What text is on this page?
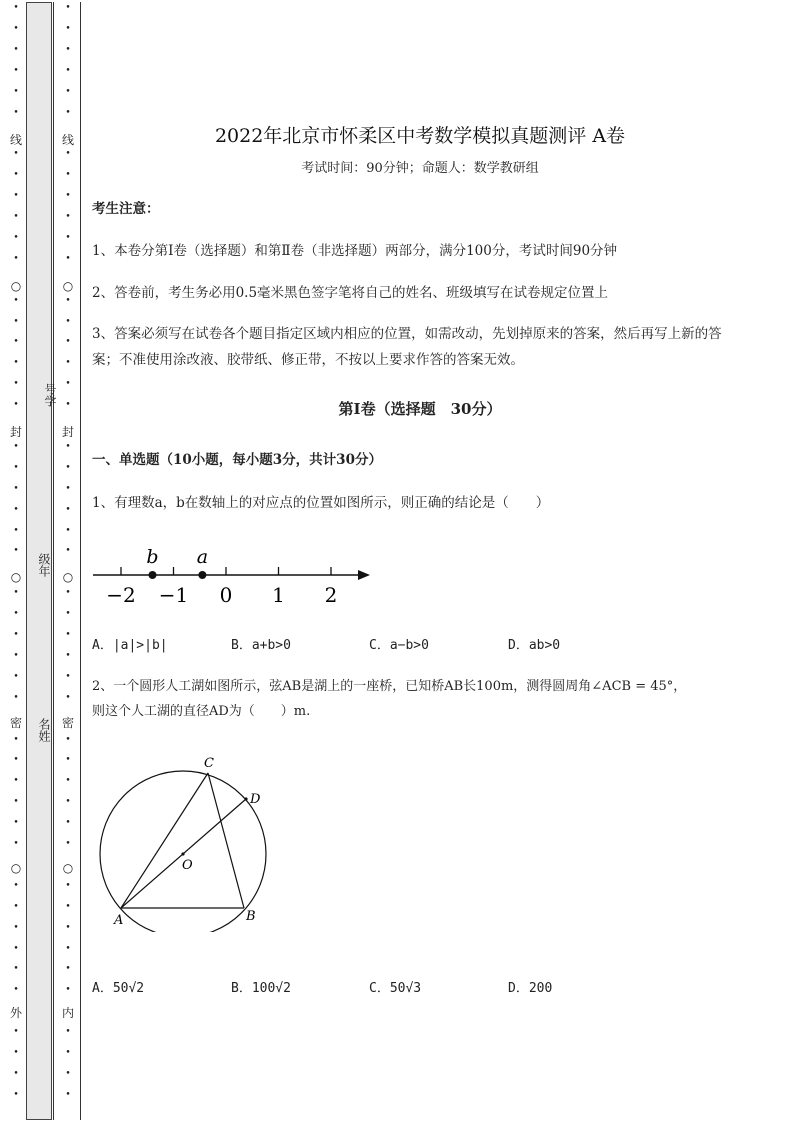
线
○
封
○
密
○
外
•
•
•
•
•
•
•
•
•
•
•
•
•
•
•
•
•
•
•
•
•
•
•
•
•
•
•
•
•
•
•
•
•
•
•
•
•
•
•
•
•
•
•
•
•
•
线
○
封
○
密
○
内
•
•
•
•
•
•
•
•
•
•
•
•
•
•
•
•
•
•
•
•
•
•
•
•
•
•
•
•
•
•
•
•
•
•
•
•
•
•
•
•
•
•
•
•
•
•
号学
级年
名姓
2022年北京市怀柔区中考数学模拟真题测评 A卷
考试时间：90分钟；命题人：数学教研组
考生注意：
1、本卷分第I卷（选择题）和第Ⅱ卷（非选择题）两部分，满分100分，考试时间90分钟
2、答卷前，考生务必用0.5毫米黑色签字笔将自己的姓名、班级填写在试卷规定位置上
3、答案必须写在试卷各个题目指定区域内相应的位置，如需改动，先划掉原来的答案，然后再写上新的答案；不准使用涂改液、胶带纸、修正带，不按以上要求作答的答案无效。
第I卷（选择题　30分）
一、单选题（10小题，每小题3分，共计30分）
1、有理数a，b在数轴上的对应点的位置如图所示，则正确的结论是（　　）
−2 −1 0 1 2
b a
A．|a|>|b|	B．a+b>0	C．a−b>0	D．ab>0
2、一个圆形人工湖如图所示，弦AB是湖上的一座桥，已知桥AB长100m，测得圆周角∠ACB = 45°，
则这个人工湖的直径AD为（　　）m.
C
D
O
A	B
A．50√2	B．100√2	C．50√3	D．200
